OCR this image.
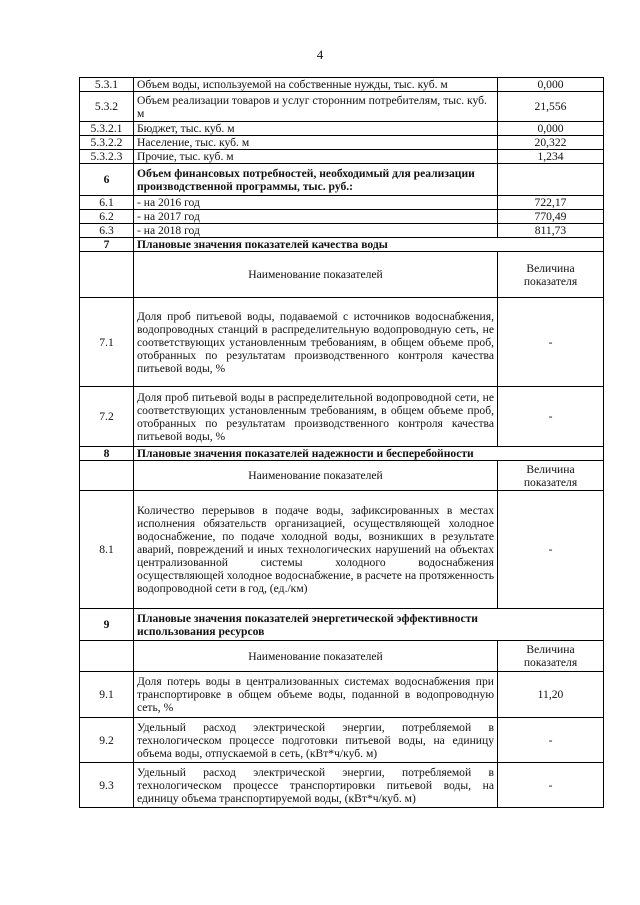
4
5.3.1	Объем воды, используемой на собственные нужды, тыс. куб. м	0,000
5.3.2	Объем реализации товаров и услуг сторонним потребителям, тыс. куб. м	21,556
5.3.2.1	Бюджет, тыс. куб. м	0,000
5.3.2.2	Население, тыс. куб. м	20,322
5.3.2.3	Прочие, тыс. куб. м	1,234
6	Объем финансовых потребностей, необходимый для реализации производственной программы, тыс. руб.:	
6.1	- на 2016 год	722,17
6.2	- на 2017 год	770,49
6.3	- на 2018 год	811,73
7	Плановые значения показателей качества воды	
	Наименование показателей	Величина показателя
7.1	Доля проб питьевой воды, подаваемой с источников водоснабжения, водопроводных станций в распределительную водопроводную сеть, не соответствующих установленным требованиям, в общем объеме проб, отобранных по результатам производственного контроля качества питьевой воды, %	-
7.2	Доля проб питьевой воды в распределительной водопроводной сети, не соответствующих установленным требованиям, в общем объеме проб, отобранных по результатам производственного контроля качества питьевой воды, %	-
8	Плановые значения показателей надежности и бесперебойности	
	Наименование показателей	Величина показателя
8.1	Количество перерывов в подаче воды, зафиксированных в местах исполнения обязательств организацией, осуществляющей холодное водоснабжение, по подаче холодной воды, возникших в результате аварий, повреждений и иных технологических нарушений на объектах централизованной системы холодного водоснабжения осуществляющей холодное водоснабжение, в расчете на протяженность водопроводной сети в год, (ед./км)	-
9	Плановые значения показателей энергетической эффективности использования ресурсов	
	Наименование показателей	Величина показателя
9.1	Доля потерь воды в централизованных системах водоснабжения при транспортировке в общем объеме воды, поданной в водопроводную сеть, %	11,20
9.2	Удельный расход электрической энергии, потребляемой в технологическом процессе подготовки питьевой воды, на единицу объема воды, отпускаемой в сеть, (кВт*ч/куб. м)	-
9.3	Удельный расход электрической энергии, потребляемой в технологическом процессе транспортировки питьевой воды, на единицу объема транспортируемой воды, (кВт*ч/куб. м)	-
